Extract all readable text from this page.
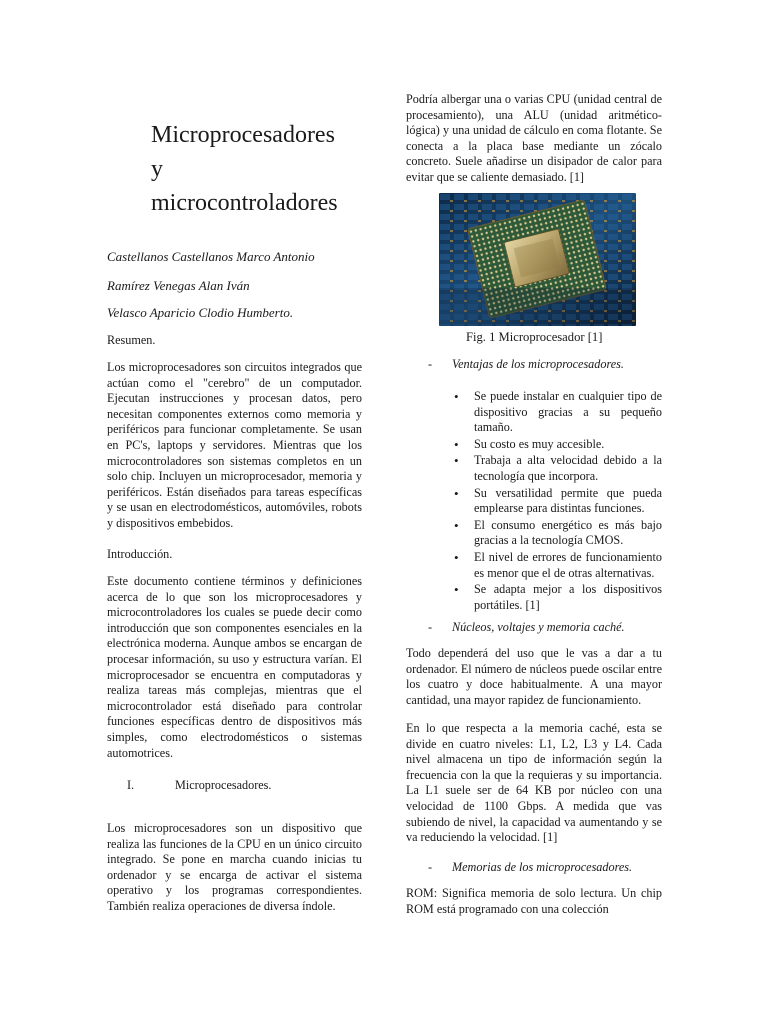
Microprocesadores
y
microcontroladores
Castellanos Castellanos Marco Antonio
Ramírez Venegas Alan Iván
Velasco Aparicio Clodio Humberto.

Resumen.

Los microprocesadores son circuitos integrados que actúan como el "cerebro" de un computador. Ejecutan instrucciones y procesan datos, pero necesitan componentes externos como memoria y periféricos para funcionar completamente. Se usan en PC's, laptops y servidores. Mientras que los microcontroladores son sistemas completos en un solo chip. Incluyen un microprocesador, memoria y periféricos. Están diseñados para tareas específicas y se usan en electrodomésticos, automóviles, robots y dispositivos embebidos.

Introducción.

Este documento contiene términos y definiciones acerca de lo que son los microprocesadores y microcontroladores los cuales se puede decir como introducción que son componentes esenciales en la electrónica moderna. Aunque ambos se encargan de procesar información, su uso y estructura varían. El microprocesador se encuentra en computadoras y realiza tareas más complejas, mientras que el microcontrolador está diseñado para controlar funciones específicas dentro de dispositivos más simples, como electrodomésticos o sistemas automotrices.

I.	Microprocesadores.

Los microprocesadores son un dispositivo que realiza las funciones de la CPU en un único circuito integrado. Se pone en marcha cuando inicias tu ordenador y se encarga de activar el sistema operativo y los programas correspondientes. También realiza operaciones de diversa índole.

Podría albergar una o varias CPU (unidad central de procesamiento), una ALU (unidad aritmético-lógica) y una unidad de cálculo en coma flotante. Se conecta a la placa base mediante un zócalo concreto. Suele añadirse un disipador de calor para evitar que se caliente demasiado. [1]

Fig. 1 Microprocesador [1]
- Ventajas de los microprocesadores.
• Se puede instalar en cualquier tipo de dispositivo gracias a su pequeño tamaño.
• Su costo es muy accesible.
• Trabaja a alta velocidad debido a la tecnología que incorpora.
• Su versatilidad permite que pueda emplearse para distintas funciones.
• El consumo energético es más bajo gracias a la tecnología CMOS.
• El nivel de errores de funcionamiento es menor que el de otras alternativas.
• Se adapta mejor a los dispositivos portátiles. [1]
- Núcleos, voltajes y memoria caché.

Todo dependerá del uso que le vas a dar a tu ordenador. El número de núcleos puede oscilar entre los cuatro y doce habitualmente. A una mayor cantidad, una mayor rapidez de funcionamiento.

En lo que respecta a la memoria caché, esta se divide en cuatro niveles: L1, L2, L3 y L4. Cada nivel almacena un tipo de información según la frecuencia con la que la requieras y su importancia. La L1 suele ser de 64 KB por núcleo con una velocidad de 1100 Gbps. A medida que vas subiendo de nivel, la capacidad va aumentando y se va reduciendo la velocidad. [1]

- Memorias de los microprocesadores.

ROM: Significa memoria de solo lectura. Un chip ROM está programado con una colección
